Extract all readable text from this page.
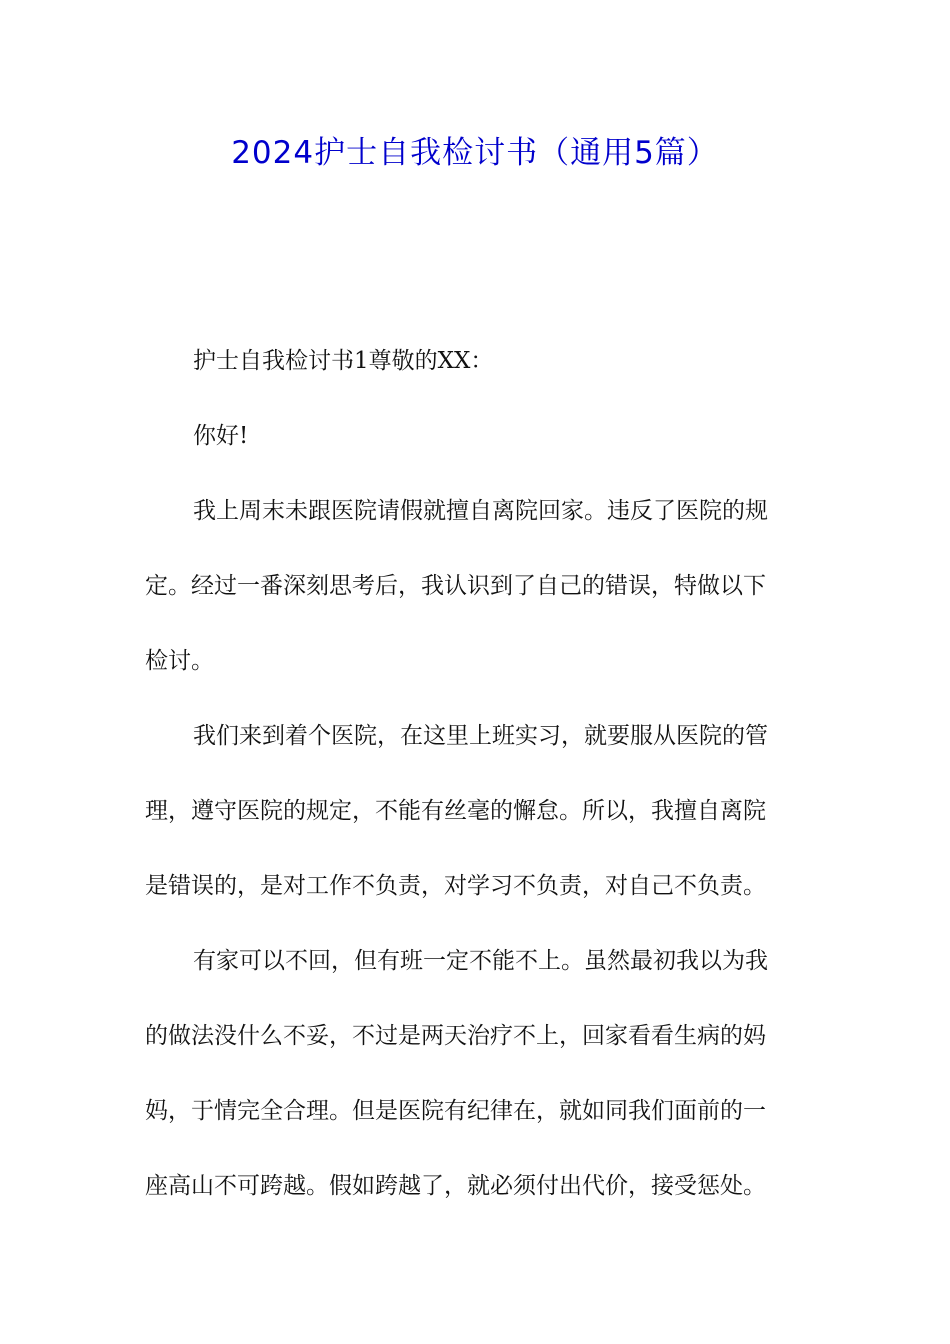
2024护士自我检讨书（通用5篇）
护士自我检讨书1尊敬的XX：
你好!
我上周末未跟医院请假就擅自离院回家。违反了医院的规
定。经过一番深刻思考后，我认识到了自己的错误，特做以下
检讨。
我们来到着个医院，在这里上班实习，就要服从医院的管
理，遵守医院的规定，不能有丝毫的懈怠。所以，我擅自离院
是错误的，是对工作不负责，对学习不负责，对自己不负责。
有家可以不回，但有班一定不能不上。虽然最初我以为我
的做法没什么不妥，不过是两天治疗不上，回家看看生病的妈
妈，于情完全合理。但是医院有纪律在，就如同我们面前的一
座高山不可跨越。假如跨越了，就必须付出代价，接受惩处。
